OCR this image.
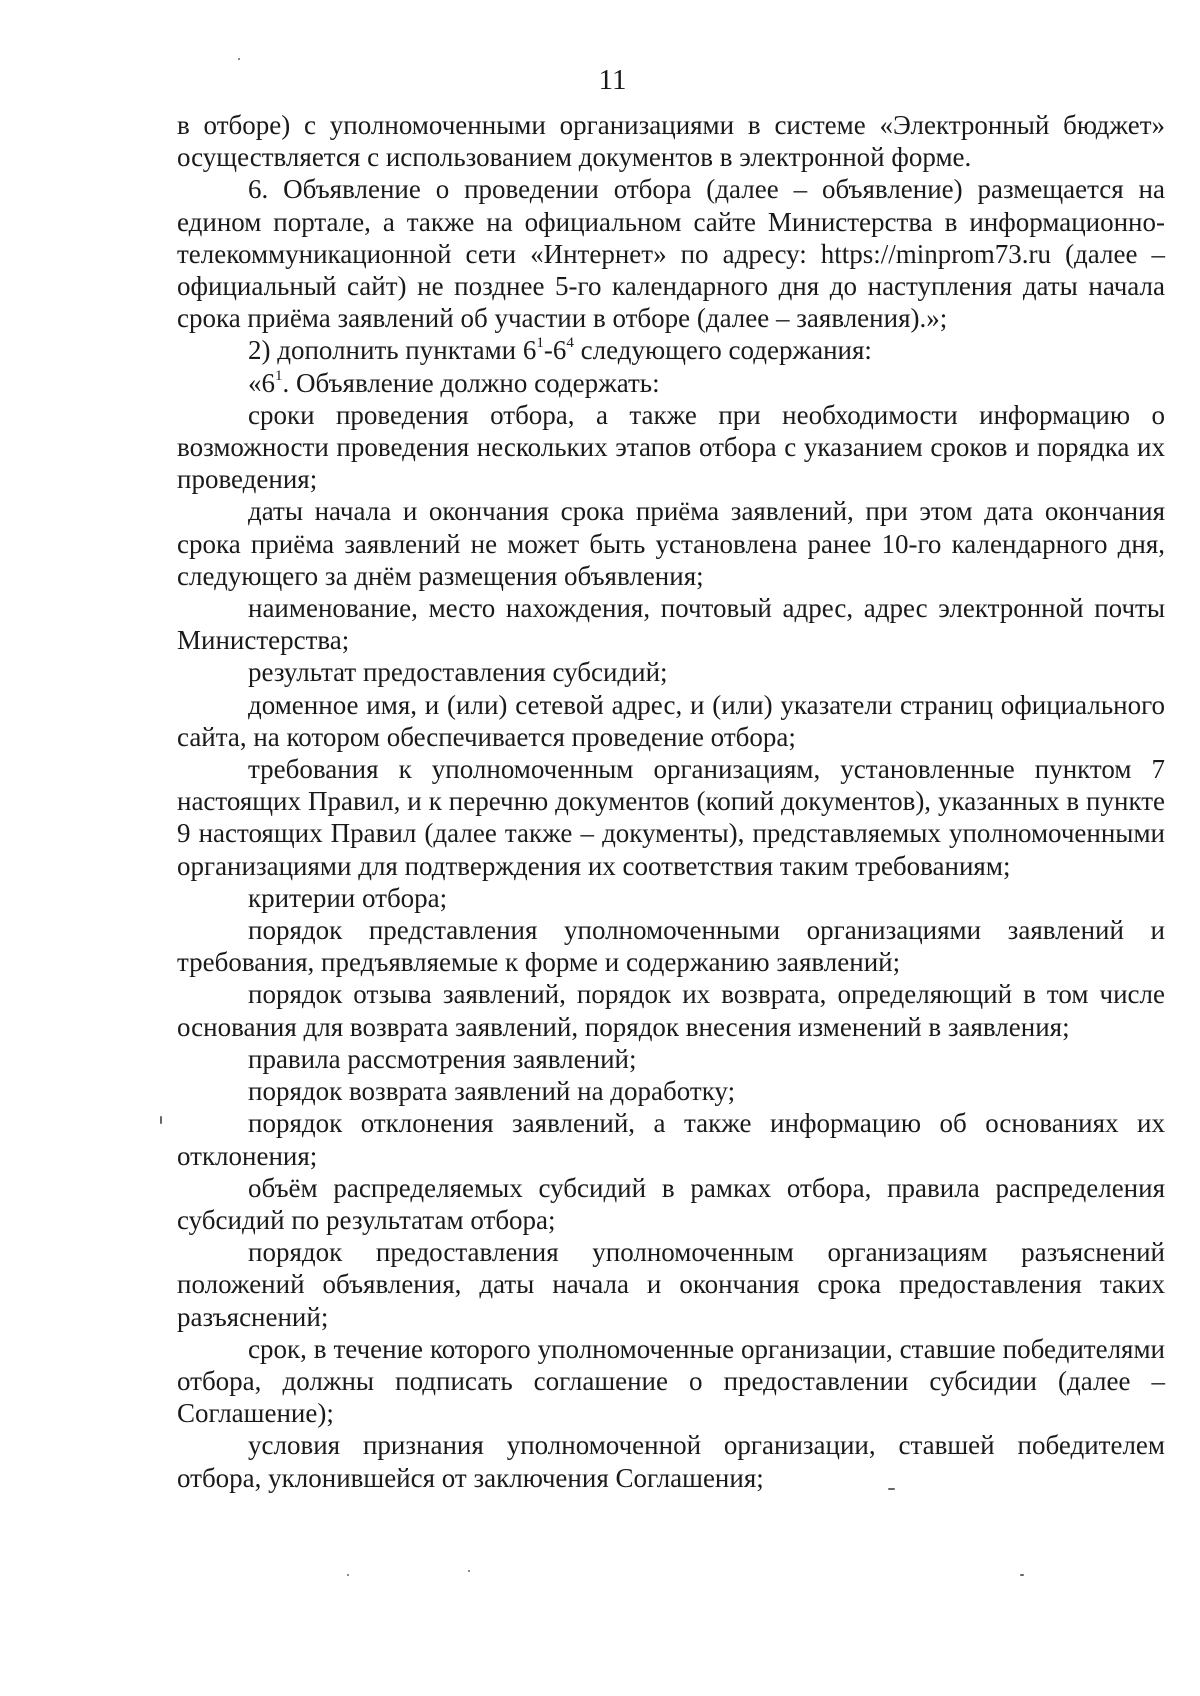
11

в отборе) с уполномоченными организациями в системе «Электронный бюджет» осуществляется с использованием документов в электронной форме.

6. Объявление о проведении отбора (далее – объявление) размещается на едином портале, а также на официальном сайте Министерства в информационно-телекоммуникационной сети «Интернет» по адресу: https://minprom73.ru (далее – официальный сайт) не позднее 5-го календарного дня до наступления даты начала срока приёма заявлений об участии в отборе (далее – заявления).»;

2) дополнить пунктами $6^1-6^4$ следующего содержания:

«$6^1$. Объявление должно содержать:

сроки проведения отбора, а также при необходимости информацию о возможности проведения нескольких этапов отбора с указанием сроков и порядка их проведения;

даты начала и окончания срока приёма заявлений, при этом дата окончания срока приёма заявлений не может быть установлена ранее 10-го календарного дня, следующего за днём размещения объявления;

наименование, место нахождения, почтовый адрес, адрес электронной почты Министерства;

результат предоставления субсидий;

доменное имя, и (или) сетевой адрес, и (или) указатели страниц официального сайта, на котором обеспечивается проведение отбора;

требования к уполномоченным организациям, установленные пунктом 7 настоящих Правил, и к перечню документов (копий документов), указанных в пункте 9 настоящих Правил (далее также – документы), представляемых уполномоченными организациями для подтверждения их соответствия таким требованиям;

критерии отбора;

порядок представления уполномоченными организациями заявлений и требования, предъявляемые к форме и содержанию заявлений;

порядок отзыва заявлений, порядок их возврата, определяющий в том числе основания для возврата заявлений, порядок внесения изменений в заявления;

правила рассмотрения заявлений;

порядок возврата заявлений на доработку;

порядок отклонения заявлений, а также информацию об основаниях их отклонения;

объём распределяемых субсидий в рамках отбора, правила распределения субсидий по результатам отбора;

порядок предоставления уполномоченным организациям разъяснений положений объявления, даты начала и окончания срока предоставления таких разъяснений;

срок, в течение которого уполномоченные организации, ставшие победителями отбора, должны подписать соглашение о предоставлении субсидии (далее – Соглашение);

условия признания уполномоченной организации, ставшей победителем отбора, уклонившейся от заключения Соглашения;
